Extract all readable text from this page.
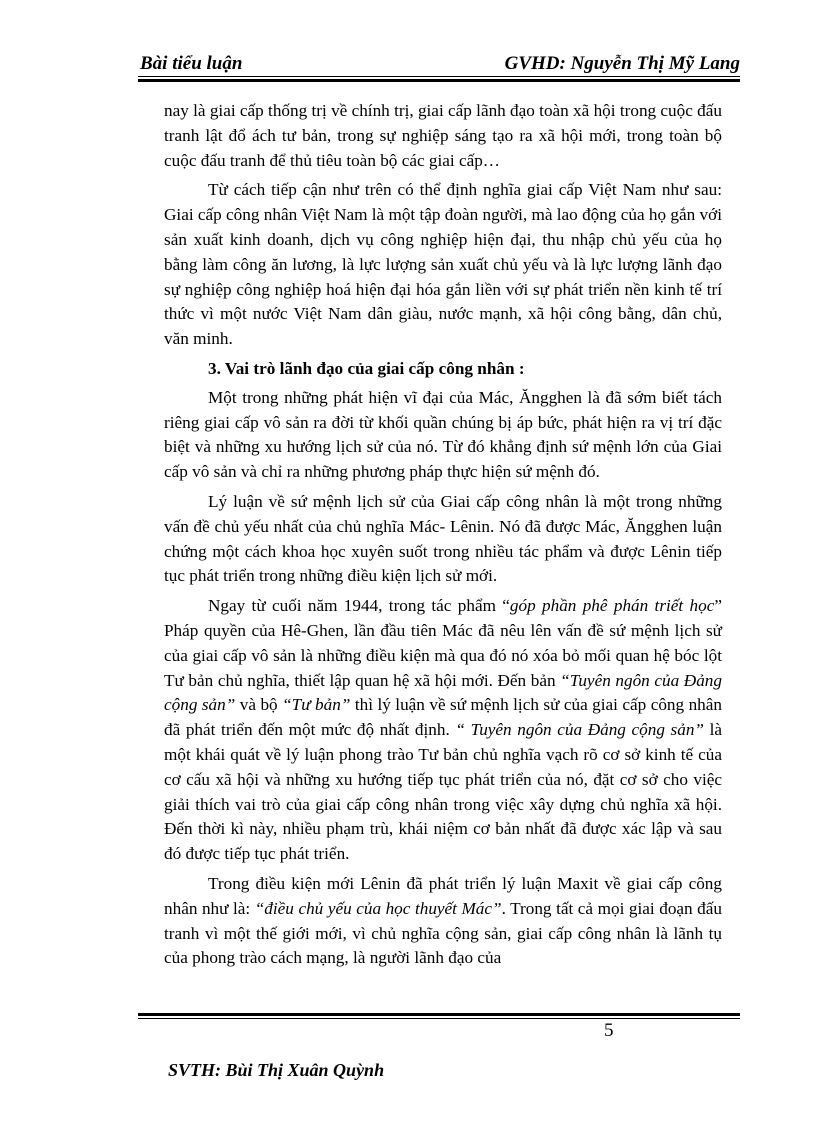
Bài tiểu luận	GVHD: Nguyễn Thị Mỹ Lang

nay là giai cấp thống trị về chính trị, giai cấp lãnh đạo toàn xã hội trong cuộc đấu tranh lật đổ ách tư bản, trong sự nghiệp sáng tạo ra xã hội mới, trong toàn bộ cuộc đấu tranh để thủ tiêu toàn bộ các giai cấp…

Từ cách tiếp cận như trên có thể định nghĩa giai cấp Việt Nam như sau: Giai cấp công nhân Việt Nam là một tập đoàn người, mà lao động của họ gắn với sản xuất kinh doanh, dịch vụ công nghiệp hiện đại, thu nhập chủ yếu của họ bằng làm công ăn lương, là lực lượng sản xuất chủ yếu và là lực lượng lãnh đạo sự nghiệp công nghiệp hoá hiện đại hóa gắn liền với sự phát triển nền kinh tế trí thức vì một nước Việt Nam dân giàu, nước mạnh, xã hội công bằng, dân chủ, văn minh.

3. Vai trò lãnh đạo của giai cấp công nhân :

Một trong những phát hiện vĩ đại của Mác, Ăngghen là đã sớm biết tách riêng giai cấp vô sản ra đời từ khối quần chúng bị áp bức, phát hiện ra vị trí đặc biệt và những xu hướng lịch sử của nó. Từ đó khẳng định sứ mệnh lớn của Giai cấp vô sản và chỉ ra những phương pháp thực hiện sứ mệnh đó.

Lý luận về sứ mệnh lịch sử của Giai cấp công nhân là một trong những vấn đề chủ yếu nhất của chủ nghĩa Mác- Lênin. Nó đã được Mác, Ăngghen luận chứng một cách khoa học xuyên suốt trong nhiều tác phẩm và được Lênin tiếp tục phát triển trong những điều kiện lịch sử mới.

Ngay từ cuối năm 1944, trong tác phẩm “góp phần phê phán triết học” Pháp quyền của Hê-Ghen, lần đầu tiên Mác đã nêu lên vấn đề sứ mệnh lịch sử của giai cấp vô sản là những điều kiện mà qua đó nó xóa bỏ mối quan hệ bóc lột Tư bản chủ nghĩa, thiết lập quan hệ xã hội mới. Đến bản “Tuyên ngôn của Đảng cộng sản” và bộ “Tư bản” thì lý luận về sứ mệnh lịch sử của giai cấp công nhân đã phát triển đến một mức độ nhất định. “ Tuyên ngôn của Đảng cộng sản” là một khái quát về lý luận phong trào Tư bản chủ nghĩa vạch rõ cơ sở kinh tế của cơ cấu xã hội và những xu hướng tiếp tục phát triển của nó, đặt cơ sở cho việc giải thích vai trò của giai cấp công nhân trong việc xây dựng chủ nghĩa xã hội. Đến thời kì này, nhiều phạm trù, khái niệm cơ bản nhất đã được xác lập và sau đó được tiếp tục phát triển.

Trong điều kiện mới Lênin đã phát triển lý luận Maxit về giai cấp công nhân như là: “điều chủ yếu của học thuyết Mác”. Trong tất cả mọi giai đoạn đấu tranh vì một thế giới mới, vì chủ nghĩa cộng sản, giai cấp công nhân là lãnh tụ của phong trào cách mạng, là người lãnh đạo của

5
SVTH: Bùi Thị Xuân Quỳnh
